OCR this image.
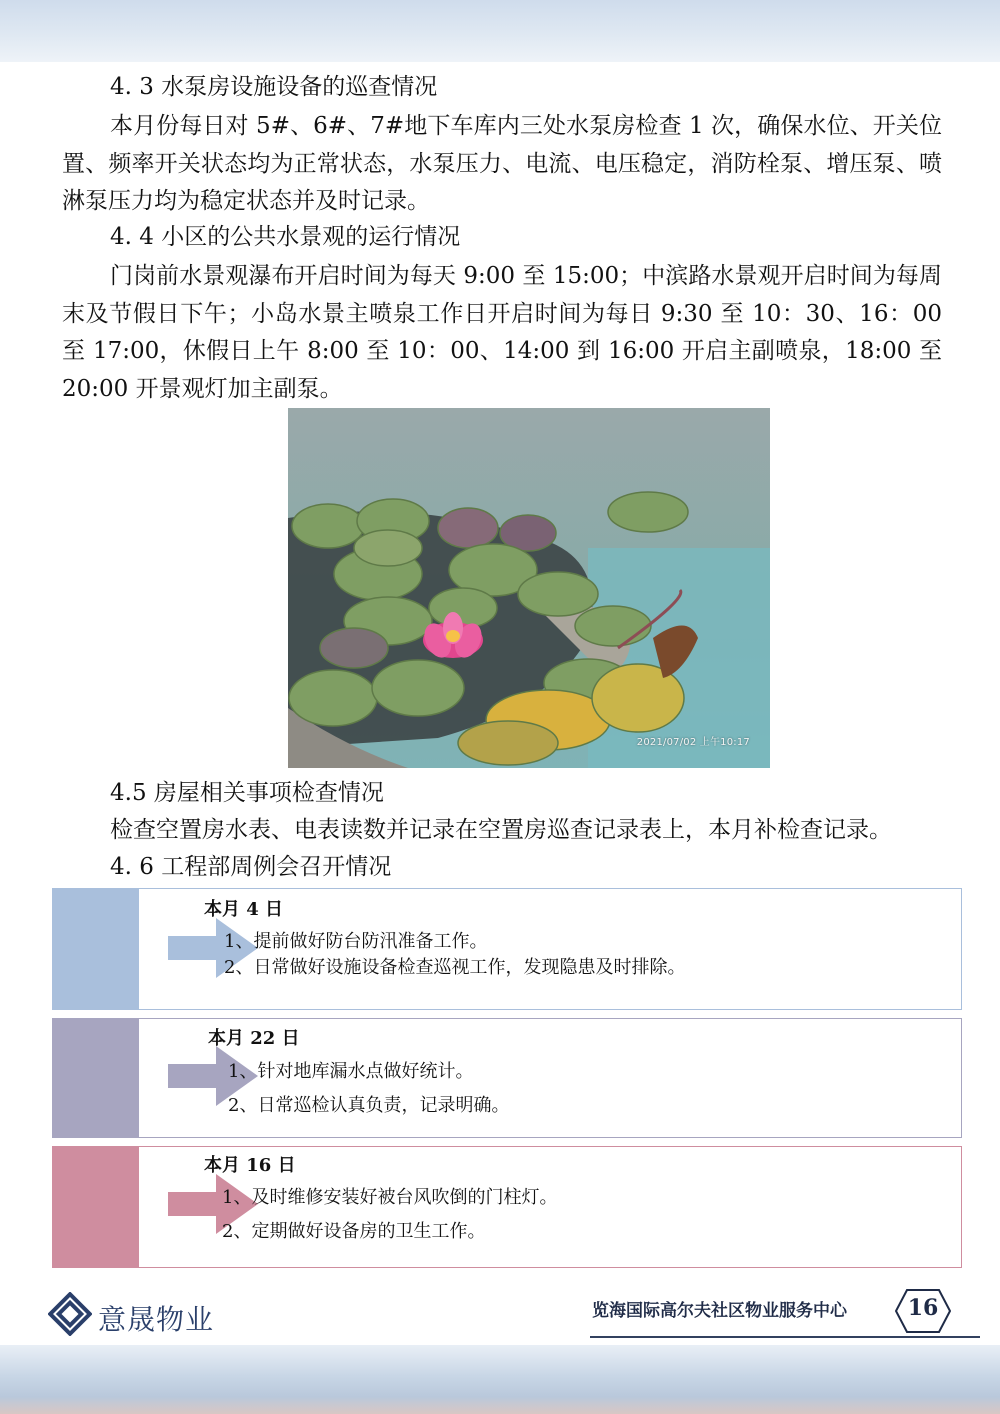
4. 3 水泵房设施设备的巡查情况

本月份每日对 5#、6#、7#地下车库内三处水泵房检查 1 次，确保水位、开关位置、频率开关状态均为正常状态，水泵压力、电流、电压稳定，消防栓泵、增压泵、喷淋泵压力均为稳定状态并及时记录。

4. 4 小区的公共水景观的运行情况

门岗前水景观瀑布开启时间为每天 9:00 至 15:00；中滨路水景观开启时间为每周末及节假日下午；小岛水景主喷泉工作日开启时间为每日 9:30 至 10：30、16：00 至 17:00，休假日上午 8:00 至 10：00、14:00 到 16:00 开启主副喷泉，18:00 至 20:00 开景观灯加主副泵。

2021/07/02 上午10:17
4.5 房屋相关事项检查情况

检查空置房水表、电表读数并记录在空置房巡查记录表上，本月补检查记录。

4. 6 工程部周例会召开情况
本月 4 日
1、提前做好防台防汛准备工作。
2、日常做好设施设备检查巡视工作，发现隐患及时排除。
本月 22 日
1、针对地库漏水点做好统计。
2、日常巡检认真负责，记录明确。
本月 16 日
1、及时维修安装好被台风吹倒的门柱灯。
2、定期做好设备房的卫生工作。
意晟物业	览海国际高尔夫社区物业服务中心	16
